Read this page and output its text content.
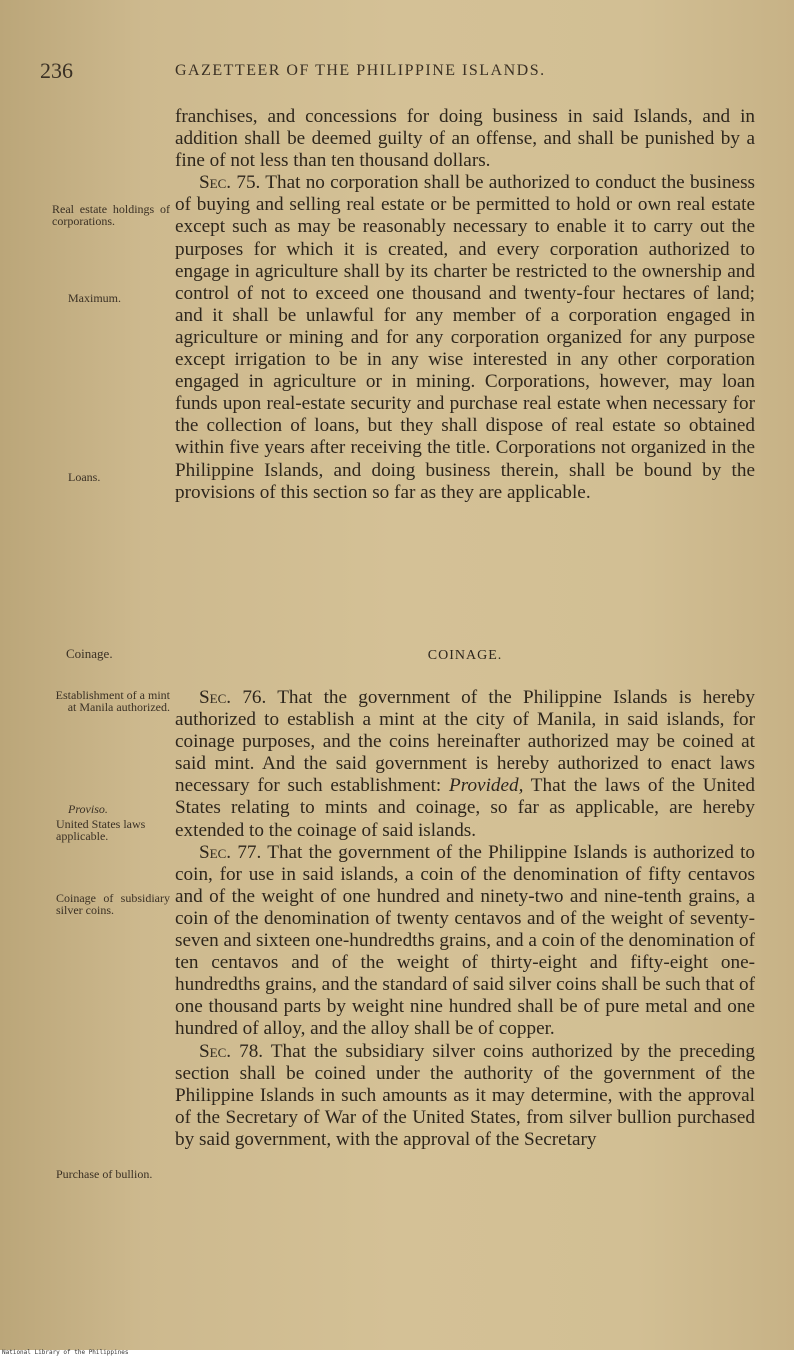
236	GAZETTEER OF THE PHILIPPINE ISLANDS.
Real estate holdings of corporations.
Maximum.
Loans.
Coinage.
Establishment of a mint at Manila authorized.
Proviso.
United States laws applicable.
Coinage of subsidiary silver coins.
Purchase of bullion.

franchises, and concessions for doing business in said Islands, and in addition shall be deemed guilty of an offense, and shall be punished by a fine of not less than ten thousand dollars.

Sec. 75. That no corporation shall be authorized to conduct the business of buying and selling real estate or be permitted to hold or own real estate except such as may be reasonably necessary to enable it to carry out the purposes for which it is created, and every corporation authorized to engage in agriculture shall by its charter be restricted to the ownership and control of not to exceed one thousand and twenty-four hectares of land; and it shall be unlawful for any member of a corporation engaged in agriculture or mining and for any corporation organized for any purpose except irrigation to be in any wise interested in any other corporation engaged in agriculture or in mining. Corporations, however, may loan funds upon real-estate security and purchase real estate when necessary for the collection of loans, but they shall dispose of real estate so obtained within five years after receiving the title. Corporations not organized in the Philippine Islands, and doing business therein, shall be bound by the provisions of this section so far as they are applicable.

COINAGE.

Sec. 76. That the government of the Philippine Islands is hereby authorized to establish a mint at the city of Manila, in said islands, for coinage purposes, and the coins hereinafter authorized may be coined at said mint. And the said government is hereby authorized to enact laws necessary for such establishment: Provided, That the laws of the United States relating to mints and coinage, so far as applicable, are hereby extended to the coinage of said islands.

Sec. 77. That the government of the Philippine Islands is authorized to coin, for use in said islands, a coin of the denomination of fifty centavos and of the weight of one hundred and ninety-two and nine-tenth grains, a coin of the denomination of twenty centavos and of the weight of seventy-seven and sixteen one-hundredths grains, and a coin of the denomination of ten centavos and of the weight of thirty-eight and fifty-eight one-hundredths grains, and the standard of said silver coins shall be such that of one thousand parts by weight nine hundred shall be of pure metal and one hundred of alloy, and the alloy shall be of copper.

Sec. 78. That the subsidiary silver coins authorized by the preceding section shall be coined under the authority of the government of the Philippine Islands in such amounts as it may determine, with the approval of the Secretary of War of the United States, from silver bullion purchased by said government, with the approval of the Secretary

National Library of the Philippines
